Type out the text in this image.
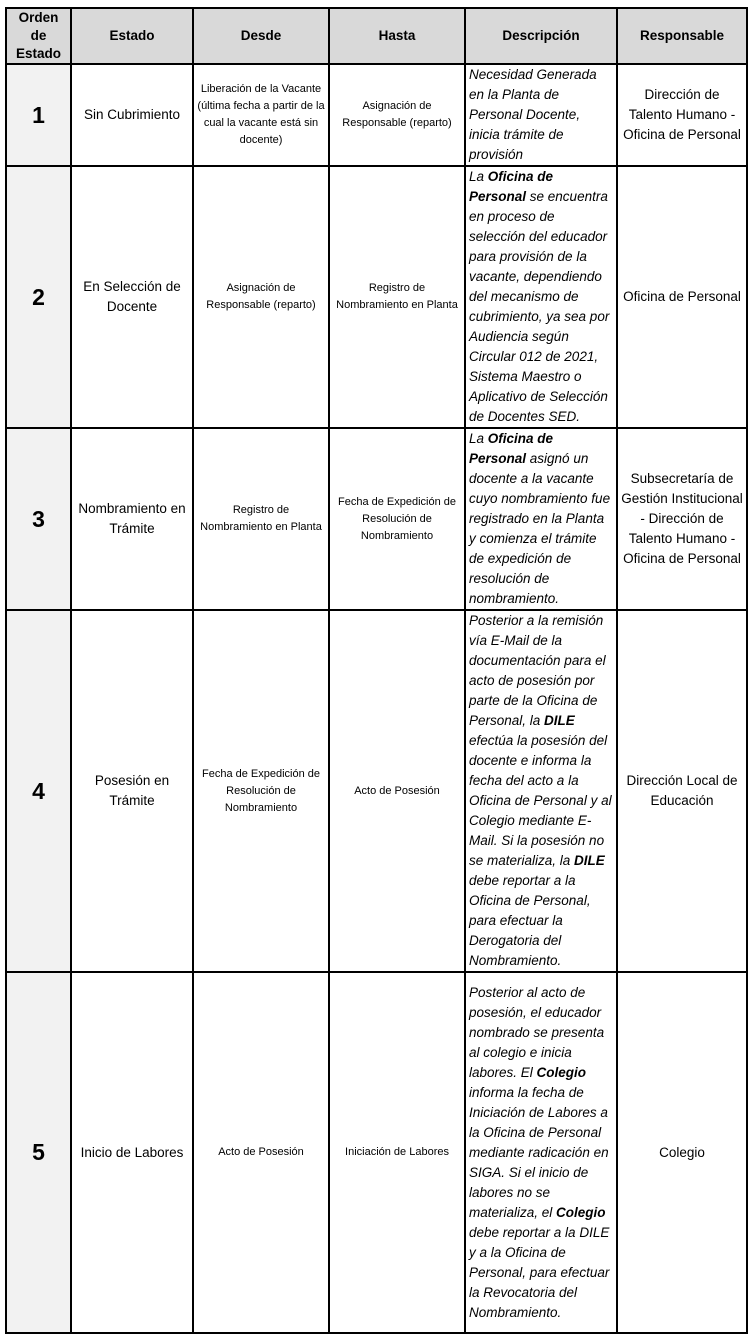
Orden de Estado	Estado	Desde	Hasta	Descripción	Responsable
1	Sin Cubrimiento	Liberación de la Vacante (última fecha a partir de la cual la vacante está sin docente)	Asignación de Responsable (reparto)	Necesidad Generada en la Planta de Personal Docente, inicia trámite de provisión	Dirección de Talento Humano - Oficina de Personal
2	En Selección de Docente	Asignación de Responsable (reparto)	Registro de Nombramiento en Planta	La Oficina de Personal se encuentra en proceso de selección del educador para provisión de la vacante, dependiendo del mecanismo de cubrimiento, ya sea por Audiencia según Circular 012 de 2021, Sistema Maestro o Aplicativo de Selección de Docentes SED.	Oficina de Personal
3	Nombramiento en Trámite	Registro de Nombramiento en Planta	Fecha de Expedición de Resolución de Nombramiento	La Oficina de Personal asignó un docente a la vacante cuyo nombramiento fue registrado en la Planta y comienza el trámite de expedición de resolución de nombramiento.	Subsecretaría de Gestión Institucional - Dirección de Talento Humano - Oficina de Personal
4	Posesión en Trámite	Fecha de Expedición de Resolución de Nombramiento	Acto de Posesión	Posterior a la remisión vía E-Mail de la documentación para el acto de posesión por parte de la Oficina de Personal, la DILE efectúa la posesión del docente e informa la fecha del acto a la Oficina de Personal y al Colegio mediante E-Mail. Si la posesión no se materializa, la DILE debe reportar a la Oficina de Personal, para efectuar la Derogatoria del Nombramiento.	Dirección Local de Educación
5	Inicio de Labores	Acto de Posesión	Iniciación de Labores	Posterior al acto de posesión, el educador nombrado se presenta al colegio e inicia labores. El Colegio informa la fecha de Iniciación de Labores a la Oficina de Personal mediante radicación en SIGA. Si el inicio de labores no se materializa, el Colegio debe reportar a la DILE y a la Oficina de Personal, para efectuar la Revocatoria del Nombramiento.	Colegio
